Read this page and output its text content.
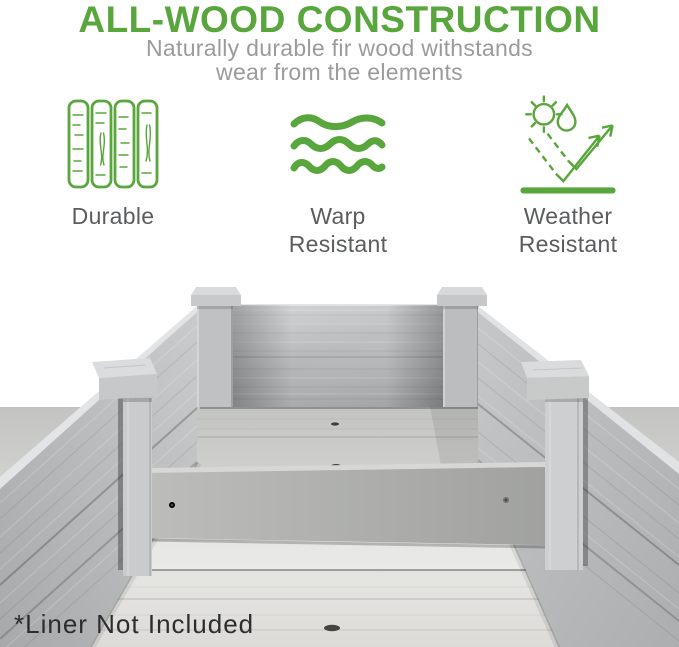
ALL-WOOD CONSTRUCTION
Naturally durable fir wood withstands
wear from the elements
Durable	Warp Resistant
Weather Resistant
*Liner Not Included
